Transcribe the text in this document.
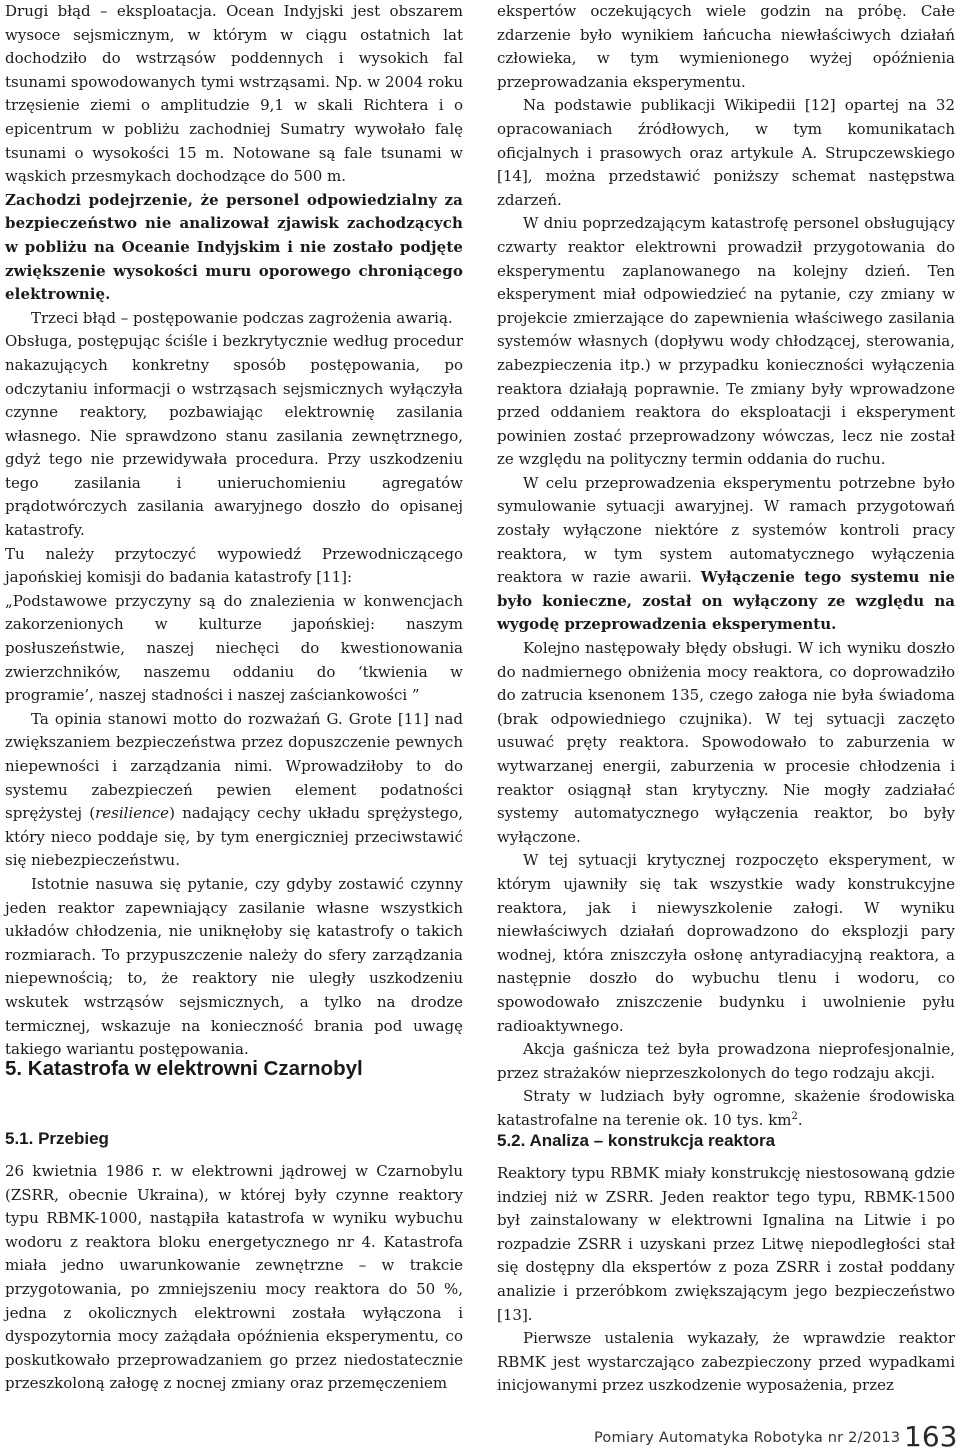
Drugi błąd – eksploatacja. Ocean Indyjski jest obszarem wysoce sejsmicznym, w którym w ciągu ostatnich lat dochodziło do wstrząsów poddennych i wysokich fal tsunami spowodowanych tymi wstrząsami. Np. w 2004 roku trzęsienie ziemi o amplitudzie 9,1 w skali Richtera i o epicentrum w pobliżu zachodniej Sumatry wywołało falę tsunami o wysokości 15 m. Notowane są fale tsunami w wąskich przesmykach dochodzące do 500 m.

Zachodzi podejrzenie, że personel odpowiedzialny za bezpieczeństwo nie analizował zjawisk zachodzących w pobliżu na Oceanie Indyjskim i nie zostało podjęte zwiększenie wysokości muru oporowego chroniącego elektrownię.

Trzeci błąd – postępowanie podczas zagrożenia awarią.

Obsługa, postępując ściśle i bezkrytycznie według procedur nakazujących konkretny sposób postępowania, po odczytaniu informacji o wstrząsach sejsmicznych wyłączyła czynne reaktory, pozbawiając elektrownię zasilania własnego. Nie sprawdzono stanu zasilania zewnętrznego, gdyż tego nie przewidywała procedura. Przy uszkodzeniu tego zasilania i unieruchomieniu agregatów prądotwórczych zasilania awaryjnego doszło do opisanej katastrofy.

Tu należy przytoczyć wypowiedź Przewodniczącego japońskiej komisji do badania katastrofy [11]:

„Podstawowe przyczyny są do znalezienia w konwencjach zakorzenionych w kulturze japońskiej: naszym posłuszeństwie, naszej niechęci do kwestionowania zwierzchników, naszemu oddaniu do ‘tkwienia w programie’, naszej stadności i naszej zaściankowości ”

Ta opinia stanowi motto do rozważań G. Grote [11] nad zwiększaniem bezpieczeństwa przez dopuszczenie pewnych niepewności i zarządzania nimi. Wprowadziłoby to do systemu zabezpieczeń pewien element podatności sprężystej (resilience) nadający cechy układu sprężystego, który nieco poddaje się, by tym energiczniej przeciwstawić się niebezpieczeństwu.

Istotnie nasuwa się pytanie, czy gdyby zostawić czynny jeden reaktor zapewniający zasilanie własne wszystkich układów chłodzenia, nie uniknęłoby się katastrofy o takich rozmiarach. To przypuszczenie należy do sfery zarządzania niepewnością; to, że reaktory nie uległy uszkodzeniu wskutek wstrząsów sejsmicznych, a tylko na drodze termicznej, wskazuje na konieczność brania pod uwagę takiego wariantu postępowania.

5. Katastrofa w elektrowni Czarnobyl
5.1. Przebieg

26 kwietnia 1986 r. w elektrowni jądrowej w Czarnobylu (ZSRR, obecnie Ukraina), w której były czynne reaktory typu RBMK-1000, nastąpiła katastrofa w wyniku wybuchu wodoru z reaktora bloku energetycznego nr 4. Katastrofa miała jedno uwarunkowanie zewnętrzne – w trakcie przygotowania, po zmniejszeniu mocy reaktora do 50 %, jedna z okolicznych elektrowni została wyłączona i dyspozytornia mocy zażądała opóźnienia eksperymentu, co poskutkowało przeprowadzaniem go przez niedostatecznie przeszkoloną załogę z nocnej zmiany oraz przemęczeniem

ekspertów oczekujących wiele godzin na próbę. Całe zdarzenie było wynikiem łańcucha niewłaściwych działań człowieka, w tym wymienionego wyżej opóźnienia przeprowadzania eksperymentu.

Na podstawie publikacji Wikipedii [12] opartej na 32 opracowaniach źródłowych, w tym komunikatach oficjalnych i prasowych oraz artykule A. Strupczewskiego [14], można przedstawić poniższy schemat następstwa zdarzeń.

W dniu poprzedzającym katastrofę personel obsługujący czwarty reaktor elektrowni prowadził przygotowania do eksperymentu zaplanowanego na kolejny dzień. Ten eksperyment miał odpowiedzieć na pytanie, czy zmiany w projekcie zmierzające do zapewnienia właściwego zasilania systemów własnych (dopływu wody chłodzącej, sterowania, zabezpieczenia itp.) w przypadku konieczności wyłączenia reaktora działają poprawnie. Te zmiany były wprowadzone przed oddaniem reaktora do eksploatacji i eksperyment powinien zostać przeprowadzony wówczas, lecz nie został ze względu na polityczny termin oddania do ruchu.

W celu przeprowadzenia eksperymentu potrzebne było symulowanie sytuacji awaryjnej. W ramach przygotowań zostały wyłączone niektóre z systemów kontroli pracy reaktora, w tym system automatycznego wyłączenia reaktora w razie awarii. Wyłączenie tego systemu nie było konieczne, został on wyłączony ze względu na wygodę przeprowadzenia eksperymentu.

Kolejno następowały błędy obsługi. W ich wyniku doszło do nadmiernego obniżenia mocy reaktora, co doprowadziło do zatrucia ksenonem 135, czego załoga nie była świadoma (brak odpowiedniego czujnika). W tej sytuacji zaczęto usuwać pręty reaktora. Spowodowało to zaburzenia w wytwarzanej energii, zaburzenia w procesie chłodzenia i reaktor osiągnął stan krytyczny. Nie mogły zadziałać systemy automatycznego wyłączenia reaktor, bo były wyłączone.

W tej sytuacji krytycznej rozpoczęto eksperyment, w którym ujawniły się tak wszystkie wady konstrukcyjne reaktora, jak i niewyszkolenie załogi. W wyniku niewłaściwych działań doprowadzono do eksplozji pary wodnej, która zniszczyła osłonę antyradiacyjną reaktora, a następnie doszło do wybuchu tlenu i wodoru, co spowodowało zniszczenie budynku i uwolnienie pyłu radioaktywnego.

Akcja gaśnicza też była prowadzona nieprofesjonalnie, przez strażaków nieprzeszkolonych do tego rodzaju akcji.

Straty w ludziach były ogromne, skażenie środowiska katastrofalne na terenie ok. 10 tys. $km^2$.

5.2. Analiza – konstrukcja reaktora

Reaktory typu RBMK miały konstrukcję niestosowaną gdzie indziej niż w ZSRR. Jeden reaktor tego typu, RBMK-1500 był zainstalowany w elektrowni Ignalina na Litwie i po rozpadzie ZSRR i uzyskani przez Litwę niepodległości stał się dostępny dla ekspertów z poza ZSRR i został poddany analizie i przeróbkom zwiększającym jego bezpieczeństwo [13].

Pierwsze ustalenia wykazały, że wprawdzie reaktor RBMK jest wystarczająco zabezpieczony przed wypadkami inicjowanymi przez uszkodzenie wyposażenia, przez

Pomiary Automatyka Robotyka nr 2/2013 163
